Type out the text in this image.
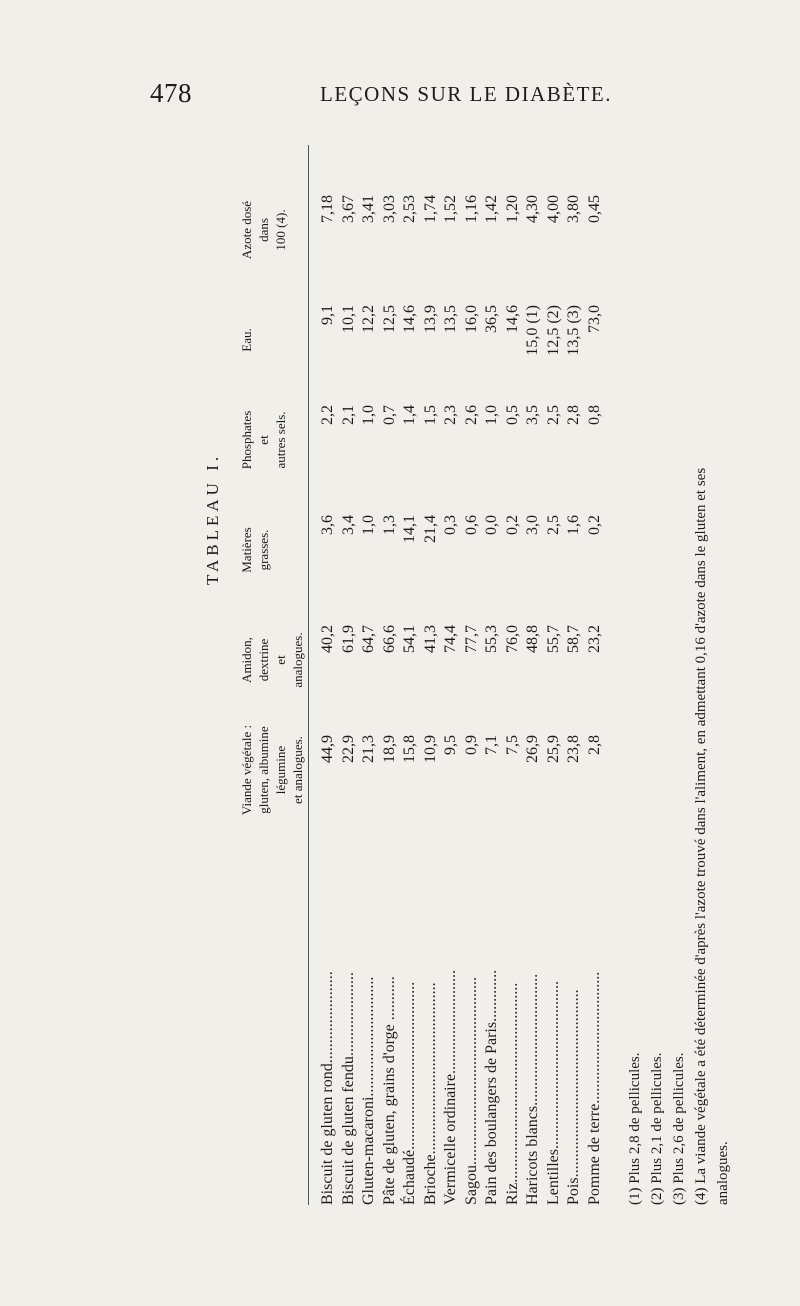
478	LEÇONS SUR LE DIABÈTE.
TABLEAU I.
Viande végétale : gluten, albumine légumine et analogues.
Amidon, dextrine et analogues.
Matières grasses.
Phosphates et autres sels.
Eau.
Azote dosé dans 100 (4).
Biscuit de gluten rond.......................
44,9
40,2
3,6
2,2
9,1
7,18
Biscuit de gluten fendu.....................
22,9
61,9
3,4
2,1
10,1
3,67
Gluten-macaroni..............................
21,3
64,7
1,0
1,0
12,2
3,41
Pâte de gluten, grains d'orge ...........
18,9
66,6
1,3
0,7
12,5
3,03
Échaudé..........................................
15,8
54,1
14,1
1,4
14,6
2,53
Brioche...........................................
10,9
41,3
21,4
1,5
13,9
1,74
Vermicelle ordinaire..........................
9,5
74,4
0,3
2,3
13,5
1,52
Sagou...............................................
0,9
77,7
0,6
2,6
16,0
1,16
Pain des boulangers de Paris.............
7,1
55,3
0,0
1,0
36,5
1,42
Riz..................................................
7,5
76,0
0,2
0,5
14,6
1,20
Haricots blancs.................................
26,9
48,8
3,0
3,5
15,0 (1)
4,30
Lentilles..........................................
25,9
55,7
2,5
2,5
12,5 (2)
4,00
Pois...............................................
23,8
58,7
1,6
2,8
13,5 (3)
3,80
Pomme de terre.................................
2,8
23,2
0,2
0,8
73,0
0,45
(1) Plus 2,8 de pellicules. (2) Plus 2,1 de pellicules. (3) Plus 2,6 de pellicules. (4) La viande végétale a été déterminée d'après l'azote trouvé dans l'aliment, en admettant 0,16 d'azote dans le gluten et ses analogues.
